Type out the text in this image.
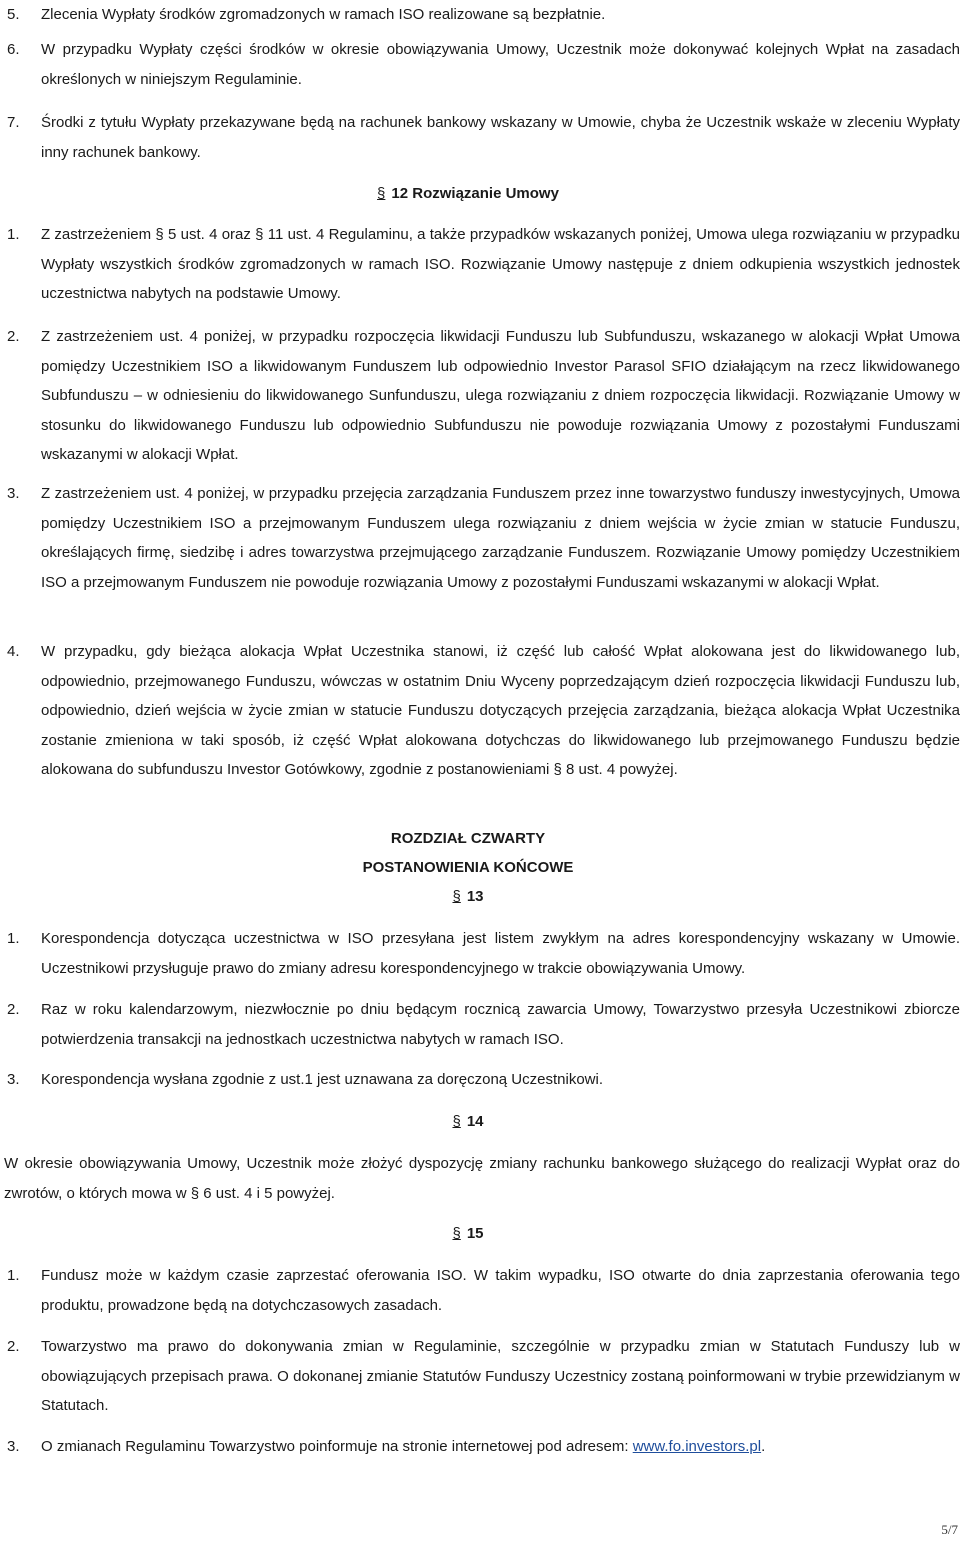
5. Zlecenia Wypłaty środków zgromadzonych w ramach ISO realizowane są bezpłatnie.
6. W przypadku Wypłaty części środków w okresie obowiązywania Umowy, Uczestnik może dokonywać kolejnych Wpłat na zasadach określonych w niniejszym Regulaminie.
7. Środki z tytułu Wypłaty przekazywane będą na rachunek bankowy wskazany w Umowie, chyba że Uczestnik wskaże w zleceniu Wypłaty inny rachunek bankowy.
§ 12 Rozwiązanie Umowy
1. Z zastrzeżeniem § 5 ust. 4 oraz § 11 ust. 4 Regulaminu, a także przypadków wskazanych poniżej, Umowa ulega rozwiązaniu w przypadku Wypłaty wszystkich środków zgromadzonych w ramach ISO. Rozwiązanie Umowy następuje z dniem odkupienia wszystkich jednostek uczestnictwa nabytych na podstawie Umowy.
2. Z zastrzeżeniem ust. 4 poniżej, w przypadku rozpoczęcia likwidacji Funduszu lub Subfunduszu, wskazanego w alokacji Wpłat Umowa pomiędzy Uczestnikiem ISO a likwidowanym Funduszem lub odpowiednio Investor Parasol SFIO działającym na rzecz likwidowanego Subfunduszu – w odniesieniu do likwidowanego Sunfunduszu, ulega rozwiązaniu z dniem rozpoczęcia likwidacji. Rozwiązanie Umowy w stosunku do likwidowanego Funduszu lub odpowiednio Subfunduszu nie powoduje rozwiązania Umowy z pozostałymi Funduszami wskazanymi w alokacji Wpłat.
3. Z zastrzeżeniem ust. 4 poniżej, w przypadku przejęcia zarządzania Funduszem przez inne towarzystwo funduszy inwestycyjnych, Umowa pomiędzy Uczestnikiem ISO a przejmowanym Funduszem ulega rozwiązaniu z dniem wejścia w życie zmian w statucie Funduszu, określających firmę, siedzibę i adres towarzystwa przejmującego zarządzanie Funduszem. Rozwiązanie Umowy pomiędzy Uczestnikiem ISO a przejmowanym Funduszem nie powoduje rozwiązania Umowy z pozostałymi Funduszami wskazanymi w alokacji Wpłat.
4. W przypadku, gdy bieżąca alokacja Wpłat Uczestnika stanowi, iż część lub całość Wpłat alokowana jest do likwidowanego lub, odpowiednio, przejmowanego Funduszu, wówczas w ostatnim Dniu Wyceny poprzedzającym dzień rozpoczęcia likwidacji Funduszu lub, odpowiednio, dzień wejścia w życie zmian w statucie Funduszu dotyczących przejęcia zarządzania, bieżąca alokacja Wpłat Uczestnika zostanie zmieniona w taki sposób, iż część Wpłat alokowana dotychczas do likwidowanego lub przejmowanego Funduszu będzie alokowana do subfunduszu Investor Gotówkowy, zgodnie z postanowieniami § 8 ust. 4 powyżej.
ROZDZIAŁ CZWARTY
POSTANOWIENIA KOŃCOWE
§ 13
1. Korespondencja dotycząca uczestnictwa w ISO przesyłana jest listem zwykłym na adres korespondencyjny wskazany w Umowie. Uczestnikowi przysługuje prawo do zmiany adresu korespondencyjnego w trakcie obowiązywania Umowy.
2. Raz w roku kalendarzowym, niezwłocznie po dniu będącym rocznicą zawarcia Umowy, Towarzystwo przesyła Uczestnikowi zbiorcze potwierdzenia transakcji na jednostkach uczestnictwa nabytych w ramach ISO.
3. Korespondencja wysłana zgodnie z ust.1 jest uznawana za doręczoną Uczestnikowi.
§ 14
W okresie obowiązywania Umowy, Uczestnik może złożyć dyspozycję zmiany rachunku bankowego służącego do realizacji Wypłat oraz do zwrotów, o których mowa w § 6 ust. 4 i 5 powyżej.
§ 15
1. Fundusz może w każdym czasie zaprzestać oferowania ISO. W takim wypadku, ISO otwarte do dnia zaprzestania oferowania tego produktu, prowadzone będą na dotychczasowych zasadach.
2. Towarzystwo ma prawo do dokonywania zmian w Regulaminie, szczególnie w przypadku zmian w Statutach Funduszy lub w obowiązujących przepisach prawa. O dokonanej zmianie Statutów Funduszy Uczestnicy zostaną poinformowani w trybie przewidzianym w Statutach.
3. O zmianach Regulaminu Towarzystwo poinformuje na stronie internetowej pod adresem: www.fo.investors.pl.
5/7
